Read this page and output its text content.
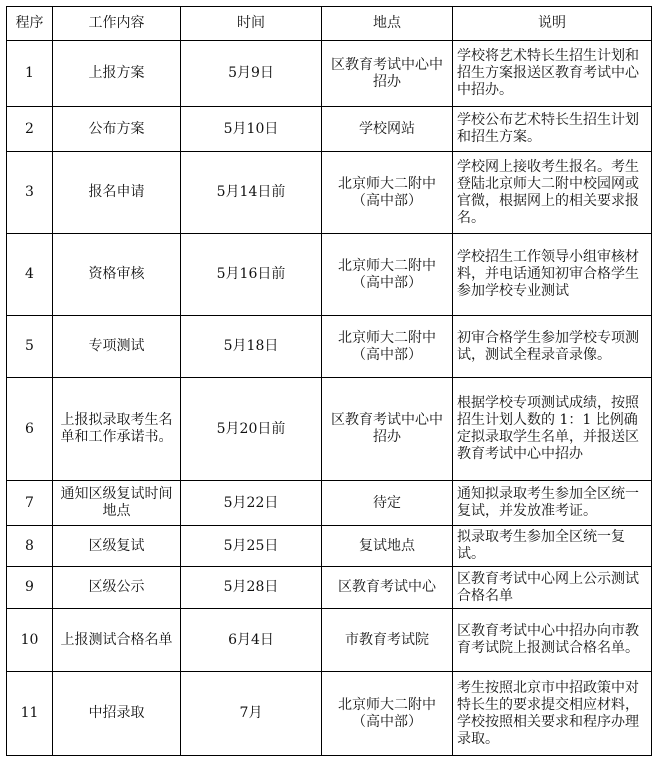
程序	工作内容	时间	地点	说明
1	上报方案	5月9日	区教育考试中心中招办	学校将艺术特长生招生计划和招生方案报送区教育考试中心中招办。
2	公布方案	5月10日	学校网站	学校公布艺术特长生招生计划和招生方案。
3	报名申请	5月14日前	北京师大二附中（高中部）	学校网上接收考生报名。考生登陆北京师大二附中校园网或官微，根据网上的相关要求报名。
4	资格审核	5月16日前	北京师大二附中（高中部）	学校招生工作领导小组审核材料，并电话通知初审合格学生参加学校专业测试
5	专项测试	5月18日	北京师大二附中（高中部）	初审合格学生参加学校专项测试，测试全程录音录像。
6	上报拟录取考生名单和工作承诺书。	5月20日前	区教育考试中心中招办	根据学校专项测试成绩，按照招生计划人数的 1：1 比例确定拟录取学生名单，并报送区教育考试中心中招办
7	通知区级复试时间地点	5月22日	待定	通知拟录取考生参加全区统一复试，并发放准考证。
8	区级复试	5月25日	复试地点	拟录取考生参加全区统一复试。
9	区级公示	5月28日	区教育考试中心	区教育考试中心网上公示测试合格名单
10	上报测试合格名单	6月4日	市教育考试院	区教育考试中心中招办向市教育考试院上报测试合格名单。
11	中招录取	7月	北京师大二附中（高中部）	考生按照北京市中招政策中对特长生的要求提交相应材料，学校按照相关要求和程序办理录取。
